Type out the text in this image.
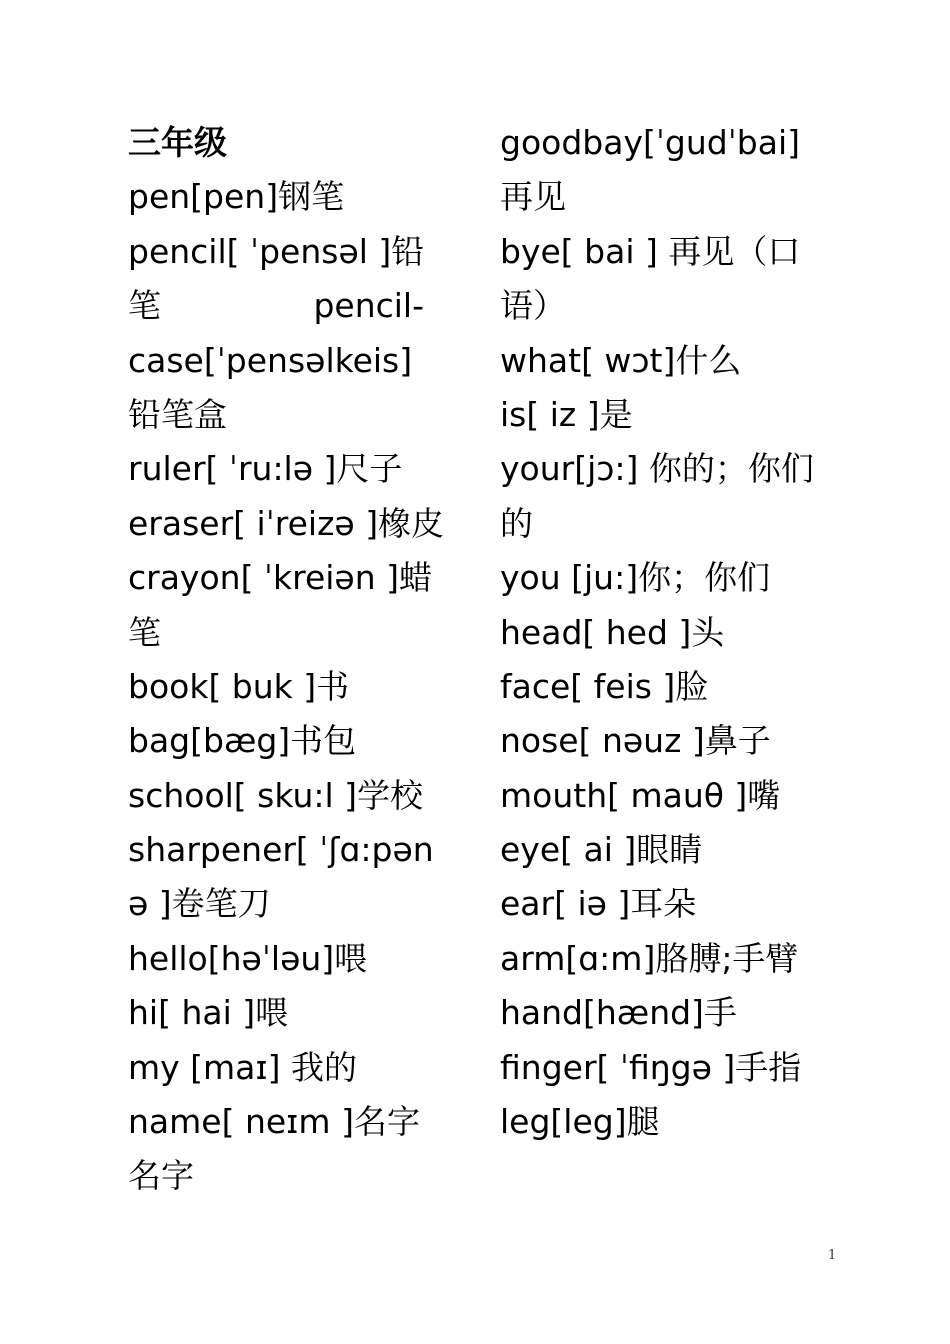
三年级
pen[pen]钢笔
pencil[ ˈpensəl ]铅
笔	pencil-
case[ˈpensəlkeis]
铅笔盒
ruler[ ˈru:lə ]尺子
eraser[ iˈreizə ]橡皮
crayon[ ˈkreiən ]蜡
笔
book[ buk ]书
bag[bæg]书包
school[ sku:l ]学校
sharpener[ ˈʃɑ:pən
ə ]卷笔刀
hello[həˈləu]喂
hi[ hai ]喂
my [maɪ] 我的
name[ neɪm ]名字
名字
goodbay[ˈgudˈbai]
再见
bye[ bai ] 再见（口
语）
what[ wɔt]什么
is[ iz ]是
your[jɔ:] 你的；你们
的
you [ju:]你；你们
head[ hed ]头
face[ feis ]脸
nose[ nəuz ]鼻子
mouth[ mauθ ]嘴
eye[ ai ]眼睛
ear[ iə ]耳朵
arm[ɑ:m]胳膊;手臂
hand[hænd]手
finger[ ˈfiŋgə ]手指
leg[leg]腿
1
